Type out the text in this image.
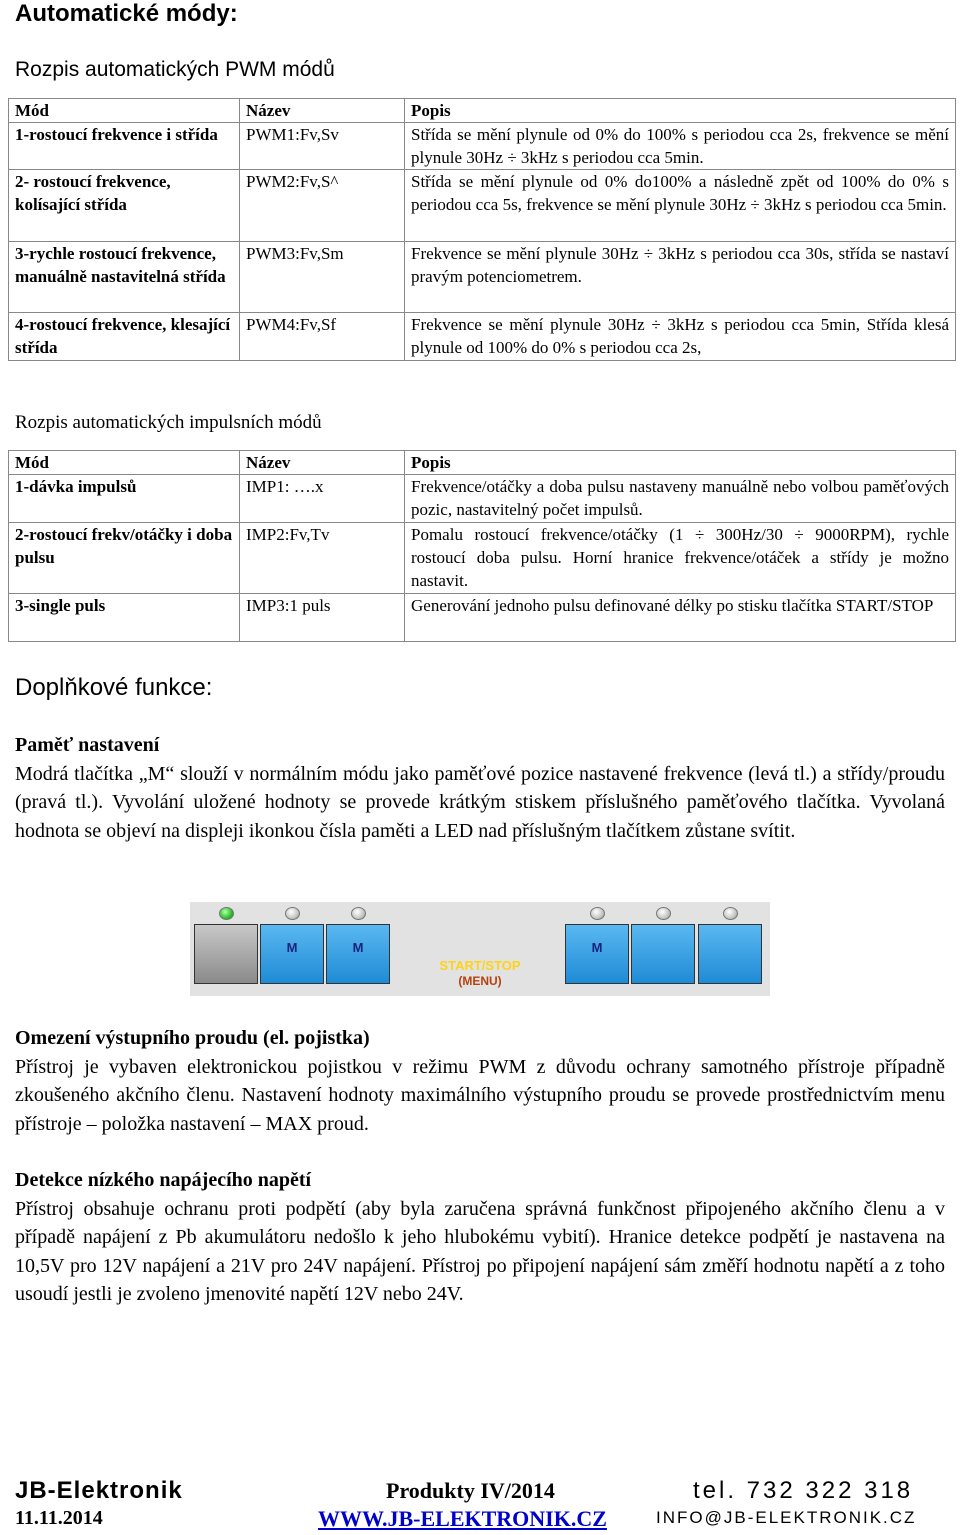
Automatické módy:
Rozpis automatických PWM módů
Mód	Název	Popis
1-rostoucí frekvence i střída	PWM1:Fv,Sv	Střída se mění plynule od 0% do 100% s periodou cca 2s, frekvence se mění plynule 30Hz ÷ 3kHz s periodou cca 5min.
2- rostoucí frekvence, kolísající střída	PWM2:Fv,S^	Střída se mění plynule od 0% do100% a následně zpět od 100% do 0% s periodou cca 5s, frekvence se mění plynule 30Hz ÷ 3kHz s periodou cca 5min.
3-rychle rostoucí frekvence, manuálně nastavitelná střída	PWM3:Fv,Sm	Frekvence se mění plynule 30Hz ÷ 3kHz s periodou cca 30s, střída se nastaví pravým potenciometrem.
4-rostoucí frekvence, klesající střída	PWM4:Fv,Sf	Frekvence se mění plynule 30Hz ÷ 3kHz s periodou cca 5min, Střída klesá plynule od 100% do 0% s periodou cca 2s,
Rozpis automatických impulsních módů
Mód	Název	Popis
1-dávka impulsů	IMP1: ….x	Frekvence/otáčky a doba pulsu nastaveny manuálně nebo volbou paměťových pozic, nastavitelný počet impulsů.
2-rostoucí frekv/otáčky i doba pulsu	IMP2:Fv,Tv	Pomalu rostoucí frekvence/otáčky (1 ÷ 300Hz/30 ÷ 9000RPM), rychle rostoucí doba pulsu. Horní hranice frekvence/otáček a střídy je možno nastavit.
3-single puls	IMP3:1 puls	Generování jednoho pulsu definované délky po stisku tlačítka START/STOP
Doplňkové funkce:

Paměť nastavení

Modrá tlačítka „M“ slouží v normálním módu jako paměťové pozice nastavené frekvence (levá tl.) a střídy/proudu (pravá tl.). Vyvolání uložené hodnoty se provede krátkým stiskem příslušného paměťového tlačítka. Vyvolaná hodnota se objeví na displeji ikonkou čísla paměti a LED nad příslušným tlačítkem zůstane svítit.

M	M
START/STOP
(MENU)
M

Omezení výstupního proudu (el. pojistka)

Přístroj je vybaven elektronickou pojistkou v režimu PWM z důvodu ochrany samotného přístroje případně zkoušeného akčního členu. Nastavení hodnoty maximálního výstupního proudu se provede prostřednictvím menu přístroje – položka nastavení – MAX proud.

Detekce nízkého napájecího napětí

Přístroj obsahuje ochranu proti podpětí (aby byla zaručena správná funkčnost připojeného akčního členu a v případě napájení z Pb akumulátoru nedošlo k jeho hlubokému vybití). Hranice detekce podpětí je nastavena na 10,5V pro 12V napájení a 21V pro 24V napájení. Přístroj po připojení napájení sám změří hodnotu napětí a z toho usoudí jestli je zvoleno jmenovité napětí 12V nebo 24V.

JB-Elektronik
11.11.2014
Produkty IV/2014
WWW.JB-ELEKTRONIK.CZ
tel. 732 322 318
INFO@JB-ELEKTRONIK.CZ
